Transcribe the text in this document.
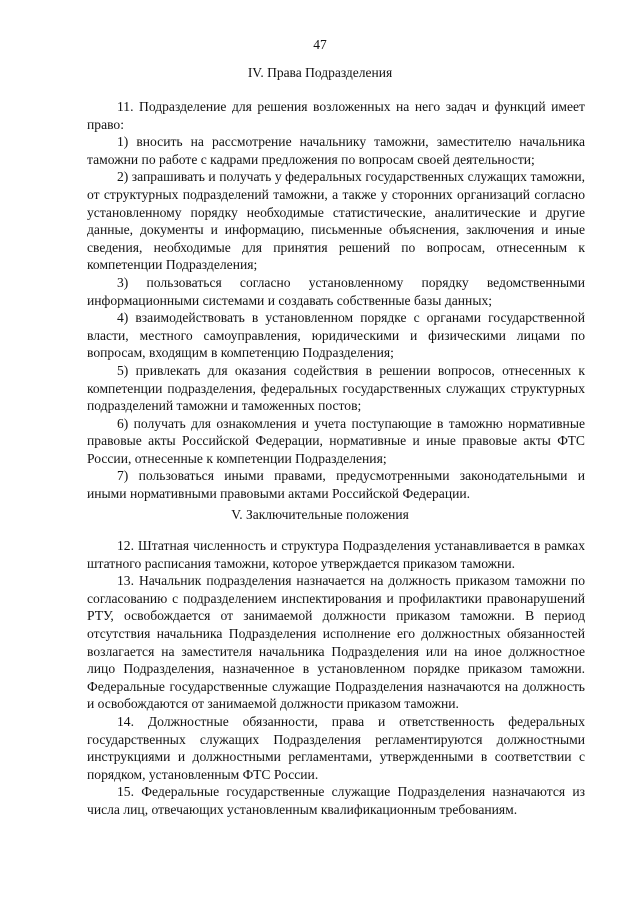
47
IV. Права Подразделения

11. Подразделение для решения возложенных на него задач и функций имеет право:

1) вносить на рассмотрение начальнику таможни, заместителю начальника таможни по работе с кадрами предложения по вопросам своей деятельности;

2) запрашивать и получать у федеральных государственных служащих таможни, от структурных подразделений таможни, а также у сторонних организаций согласно установленному порядку необходимые статистические, аналитические и другие данные, документы и информацию, письменные объяснения, заключения и иные сведения, необходимые для принятия решений по вопросам, отнесенным к компетенции Подразделения;

3) пользоваться согласно установленному порядку ведомственными информационными системами и создавать собственные базы данных;

4) взаимодействовать в установленном порядке с органами государственной власти, местного самоуправления, юридическими и физическими лицами по вопросам, входящим в компетенцию Подразделения;

5) привлекать для оказания содействия в решении вопросов, отнесенных к компетенции подразделения, федеральных государственных служащих структурных подразделений таможни и таможенных постов;

6) получать для ознакомления и учета поступающие в таможню нормативные правовые акты Российской Федерации, нормативные и иные правовые акты ФТС России, отнесенные к компетенции Подразделения;

7) пользоваться иными правами, предусмотренными законодательными и иными нормативными правовыми актами Российской Федерации.

V. Заключительные положения

12. Штатная численность и структура Подразделения устанавливается в рамках штатного расписания таможни, которое утверждается приказом таможни.

13. Начальник подразделения назначается на должность приказом таможни по согласованию с подразделением инспектирования и профилактики правонарушений РТУ, освобождается от занимаемой должности приказом таможни. В период отсутствия начальника Подразделения исполнение его должностных обязанностей возлагается на заместителя начальника Подразделения или на иное должностное лицо Подразделения, назначенное в установленном порядке приказом таможни. Федеральные государственные служащие Подразделения назначаются на должность и освобождаются от занимаемой должности приказом таможни.

14. Должностные обязанности, права и ответственность федеральных государственных служащих Подразделения регламентируются должностными инструкциями и должностными регламентами, утвержденными в соответствии с порядком, установленным ФТС России.

15. Федеральные государственные служащие Подразделения назначаются из числа лиц, отвечающих установленным квалификационным требованиям.
